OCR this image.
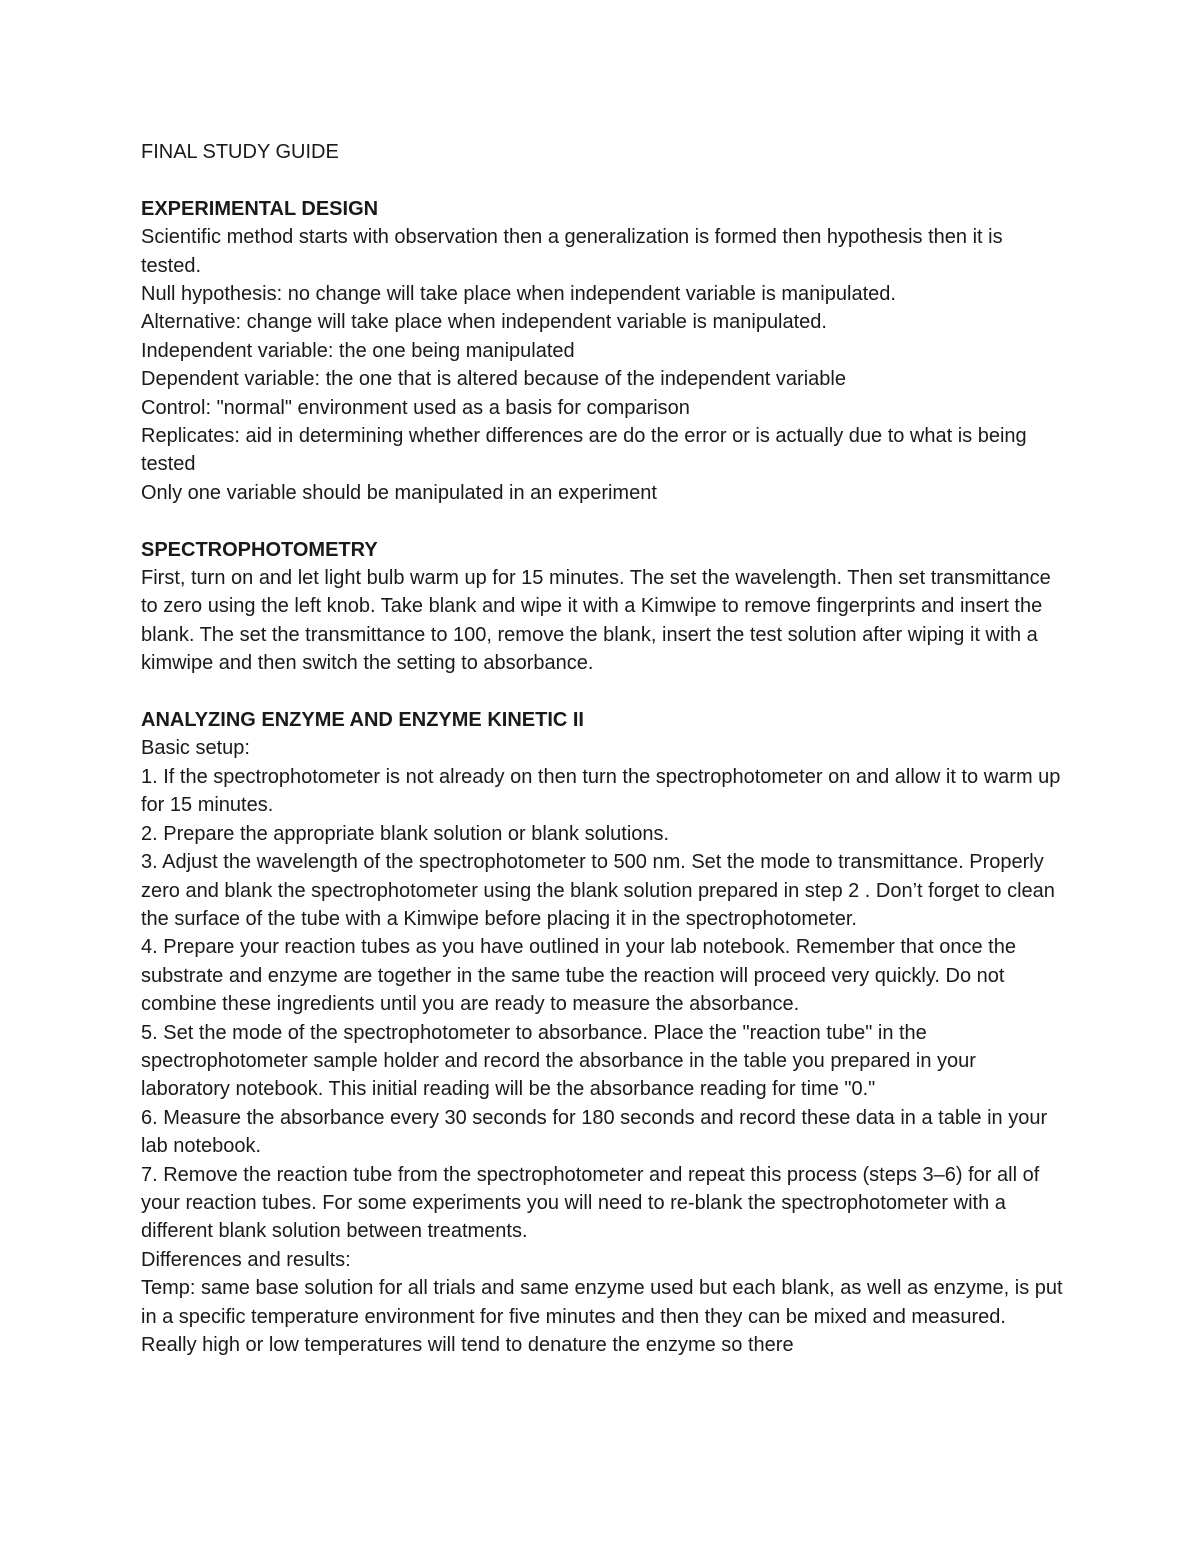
FINAL STUDY GUIDE

EXPERIMENTAL DESIGN

Scientific method starts with observation then a generalization is formed then hypothesis then it is tested.

Null hypothesis: no change will take place when independent variable is manipulated.

Alternative: change will take place when independent variable is manipulated.

Independent variable: the one being manipulated

Dependent variable: the one that is altered because of the independent variable

Control: "normal" environment used as a basis for comparison

Replicates: aid in determining whether differences are do the error or is actually due to what is being tested

Only one variable should be manipulated in an experiment

SPECTROPHOTOMETRY

First, turn on and let light bulb warm up for 15 minutes. The set the wavelength. Then set transmittance to zero using the left knob. Take blank and wipe it with a Kimwipe to remove fingerprints and insert the blank. The set the transmittance to 100, remove the blank, insert the test solution after wiping it with a kimwipe and then switch the setting to absorbance.

ANALYZING ENZYME AND ENZYME KINETIC II

Basic setup:

1. If the spectrophotometer is not already on then turn the spectrophotometer on and allow it to warm up for 15 minutes.

2. Prepare the appropriate blank solution or blank solutions.

3. Adjust the wavelength of the spectrophotometer to 500 nm. Set the mode to transmittance. Properly zero and blank the spectrophotometer using the blank solution prepared in step 2 . Don’t forget to clean the surface of the tube with a Kimwipe before placing it in the spectrophotometer.

4. Prepare your reaction tubes as you have outlined in your lab notebook. Remember that once the substrate and enzyme are together in the same tube the reaction will proceed very quickly. Do not combine these ingredients until you are ready to measure the absorbance.

5. Set the mode of the spectrophotometer to absorbance. Place the "reaction tube" in the spectrophotometer sample holder and record the absorbance in the table you prepared in your laboratory notebook. This initial reading will be the absorbance reading for time "0."

6. Measure the absorbance every 30 seconds for 180 seconds and record these data in a table in your lab notebook.

7. Remove the reaction tube from the spectrophotometer and repeat this process (steps 3–6) for all of your reaction tubes. For some experiments you will need to re-blank the spectrophotometer with a different blank solution between treatments.

Differences and results:

Temp: same base solution for all trials and same enzyme used but each blank, as well as enzyme, is put in a specific temperature environment for five minutes and then they can be mixed and measured. Really high or low temperatures will tend to denature the enzyme so there
